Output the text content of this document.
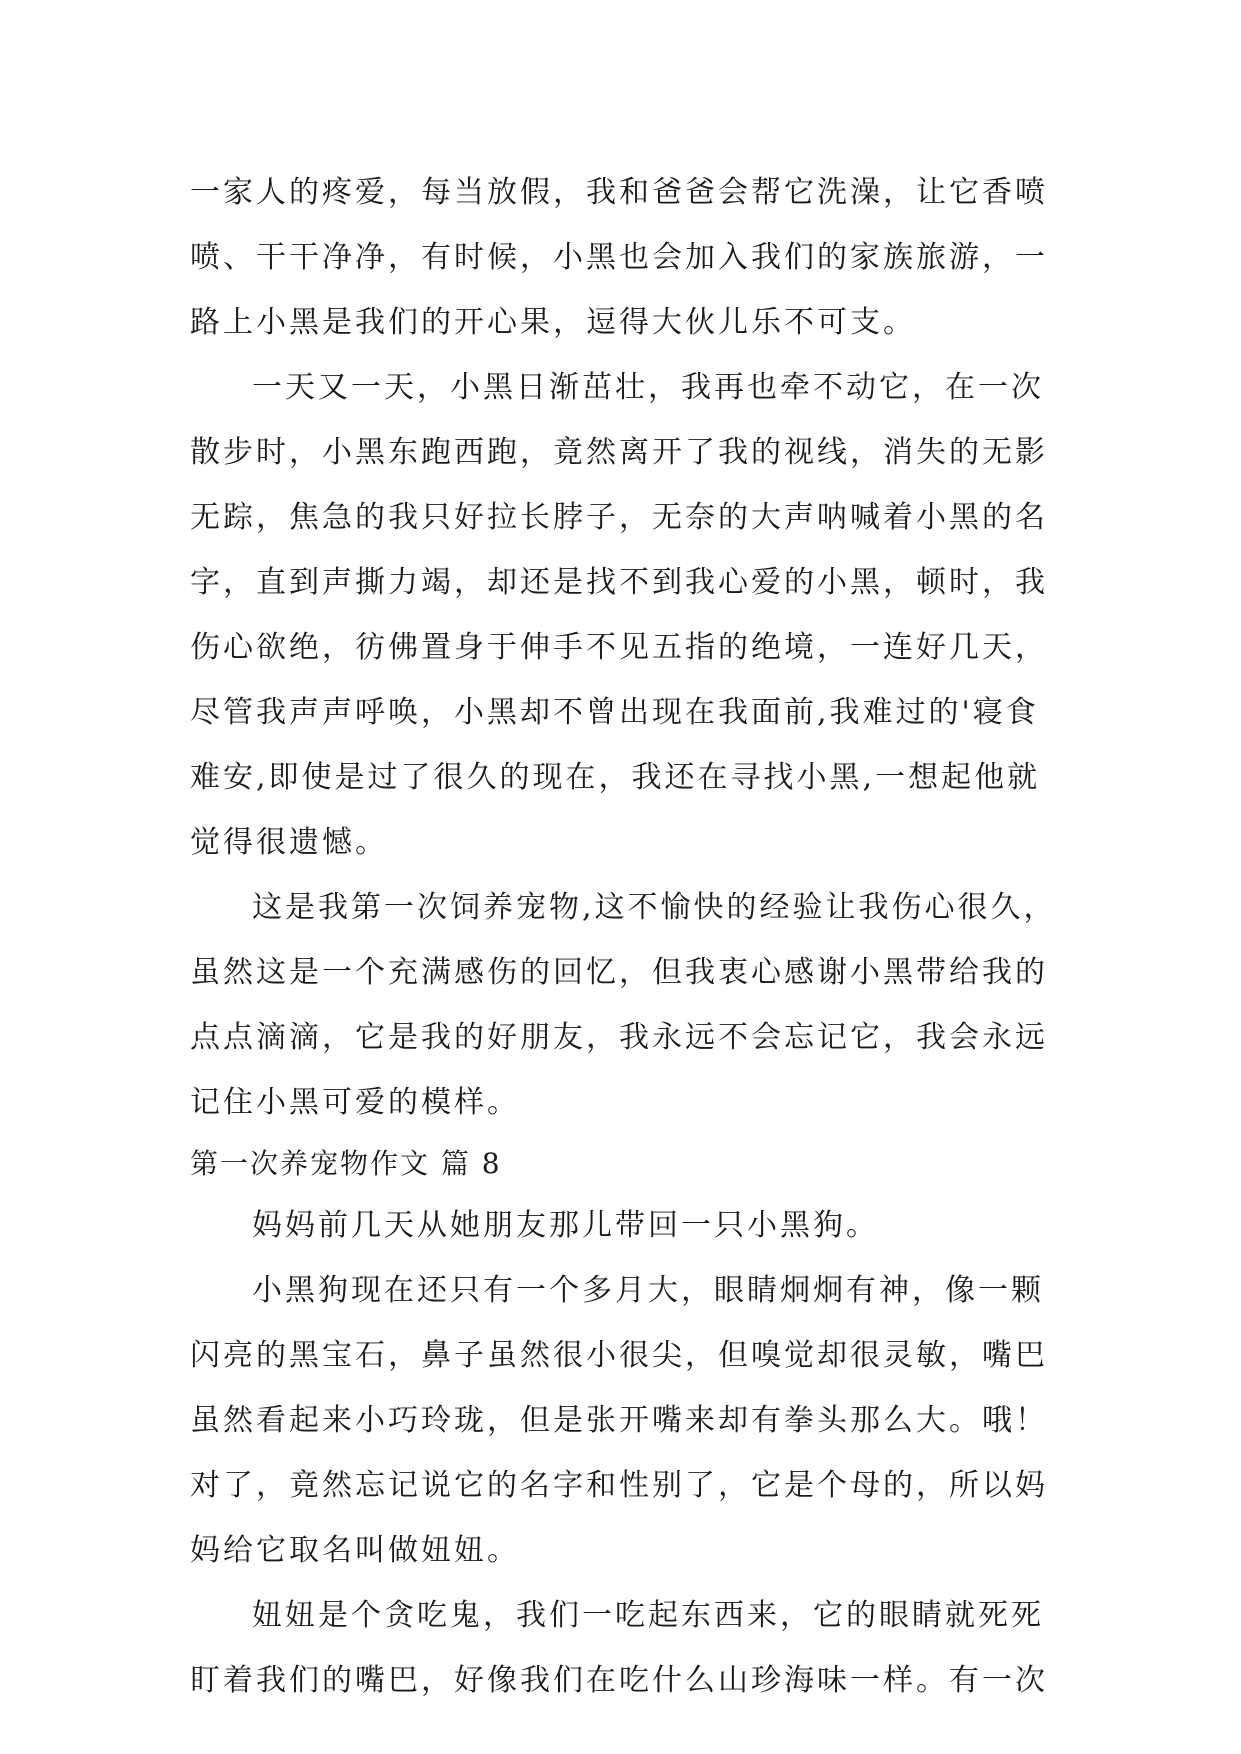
一家人的疼爱，每当放假，我和爸爸会帮它洗澡，让它香喷
喷、干干净净，有时候，小黑也会加入我们的家族旅游，一
路上小黑是我们的开心果，逗得大伙儿乐不可支。
一天又一天，小黑日渐茁壮，我再也牵不动它，在一次
散步时，小黑东跑西跑，竟然离开了我的视线，消失的无影
无踪，焦急的我只好拉长脖子，无奈的大声呐喊着小黑的名
字，直到声撕力竭，却还是找不到我心爱的小黑，顿时，我
伤心欲绝，彷佛置身于伸手不见五指的绝境，一连好几天，
尽管我声声呼唤，小黑却不曾出现在我面前,我难过的'寝食
难安,即使是过了很久的现在，我还在寻找小黑,一想起他就
觉得很遗憾。
这是我第一次饲养宠物,这不愉快的经验让我伤心很久，
虽然这是一个充满感伤的回忆，但我衷心感谢小黑带给我的
点点滴滴，它是我的好朋友，我永远不会忘记它，我会永远
记住小黑可爱的模样。
第一次养宠物作文 篇 8
妈妈前几天从她朋友那儿带回一只小黑狗。
小黑狗现在还只有一个多月大，眼睛炯炯有神，像一颗
闪亮的黑宝石，鼻子虽然很小很尖，但嗅觉却很灵敏，嘴巴
虽然看起来小巧玲珑，但是张开嘴来却有拳头那么大。哦！
对了，竟然忘记说它的名字和性别了，它是个母的，所以妈
妈给它取名叫做妞妞。
妞妞是个贪吃鬼，我们一吃起东西来，它的眼睛就死死
盯着我们的嘴巴，好像我们在吃什么山珍海味一样。有一次
